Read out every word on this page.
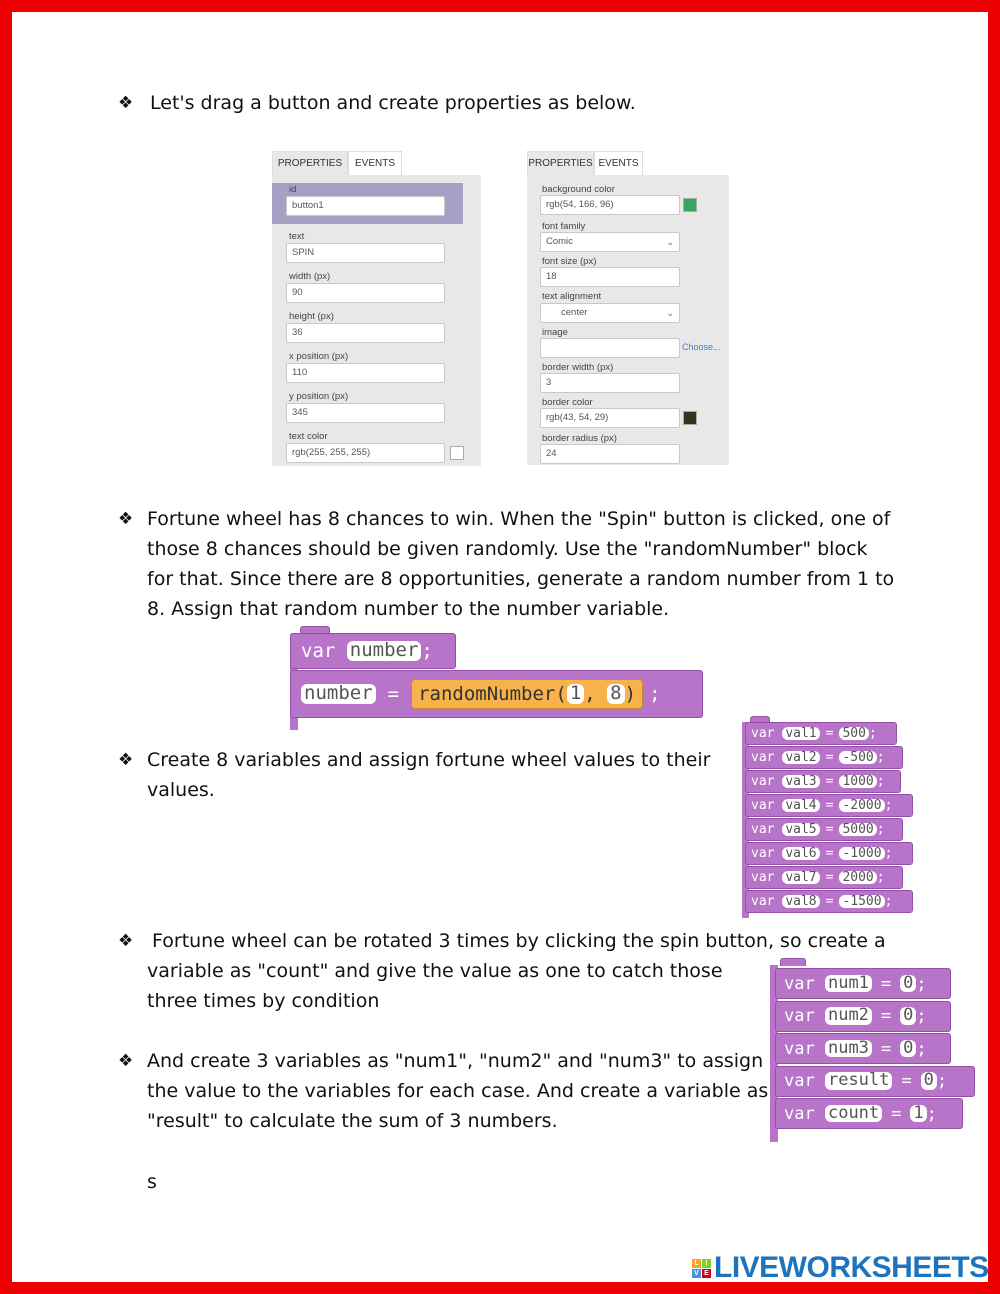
❖ Let's drag a button and create properties as below.
PROPERTIES	EVENTS
id
button1
text
SPIN
width (px)
90
height (px)
36
x position (px)
110
y position (px)
345
text color
rgb(255, 255, 255)
PROPERTIES EVENTS
background color
rgb(54, 166, 96)
font family
Comic	⌄
font size (px)
18
text alignment
center	⌄
image
Choose...
border width (px)
3
border color
rgb(43, 54, 29)
border radius (px)
24
❖ Fortune wheel has 8 chances to win. When the "Spin" button is clicked, one of
those 8 chances should be given randomly. Use the "randomNumber" block
for that. Since there are 8 opportunities, generate a random number from 1 to
8. Assign that random number to the number variable.
var
number ;
number = randomNumber( 1 ,
8 ) ;
❖ Create 8 variables and assign fortune wheel values to their
values.
var
val1 = 500 ;
var
val2 = -500 ;
var
val3 = 1000 ;
var
val4 = -2000 ;
var
val5 = 5000 ;
var
val6 = -1000 ;
var
val7 = 2000 ;
var
val8 = -1500 ;
❖ Fortune wheel can be rotated 3 times by clicking the spin button, so create a
variable as "count" and give the value as one to catch those
three times by condition
var
num1 = 0 ;
var
num2 = 0 ;
var
num3 = 0 ;
var
result = 0 ;
var
count = 1 ;
❖ And create 3 variables as "num1", "num2" and "num3" to assign
the value to the variables for each case. And create a variable as
"result" to calculate the sum of 3 numbers.
s
L I
V E LIVEWORKSHEETS
